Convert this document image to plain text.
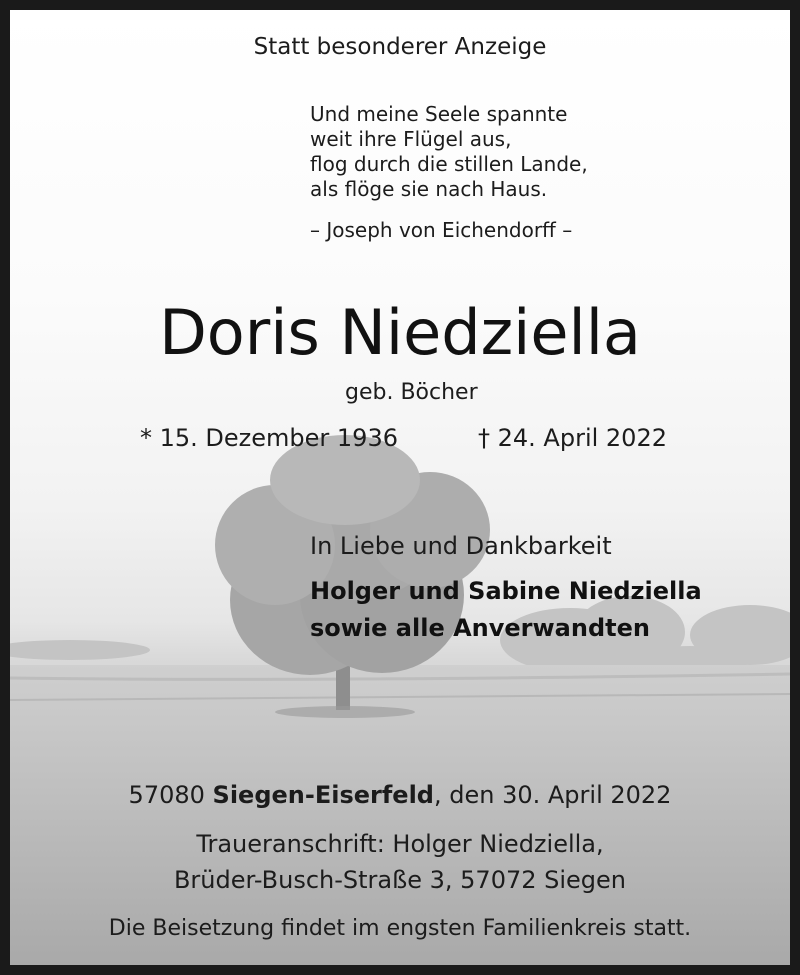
Statt besonderer Anzeige

Und meine Seele spannte

weit ihre Flügel aus,

flog durch die stillen Lande,

als flöge sie nach Haus.

– Joseph von Eichendorff –

Doris Niedziella

geb. Böcher

* 15. Dezember 1936	† 24. April 2022

In Liebe und Dankbarkeit

Holger und Sabine Niedziella

sowie alle Anverwandten

57080 Siegen-Eiserfeld, den 30. April 2022

Traueranschrift: Holger Niedziella,

Brüder-Busch-Straße 3, 57072 Siegen

Die Beisetzung findet im engsten Familienkreis statt.
